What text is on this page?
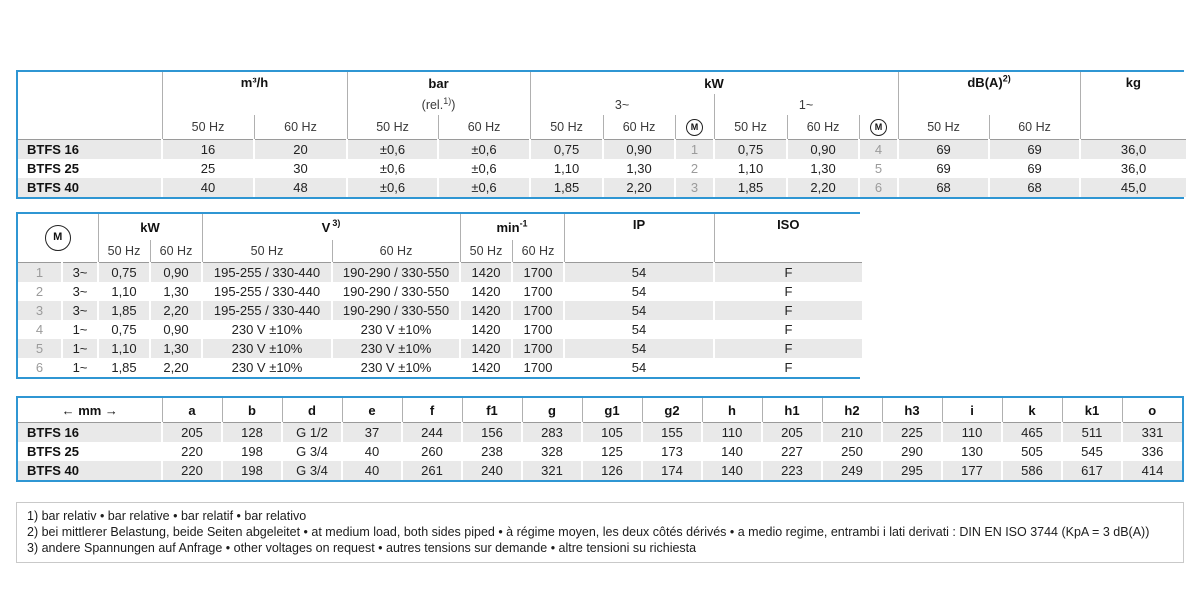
	m³/h		bar		kW						$dB(A)^{2)}$		kg
			(rel.$^{1)}$)		3~			1~					
	50 Hz	60 Hz	50 Hz	60 Hz	50 Hz	60 Hz	M	50 Hz	60 Hz	M	50 Hz	60 Hz	
BTFS 16	16	20	±0,6	±0,6	0,75	0,90	1	0,75	0,90	4	69	69	36,0
BTFS 25	25	30	±0,6	±0,6	1,10	1,30	2	1,10	1,30	5	69	69	36,0
BTFS 40	40	48	±0,6	±0,6	1,85	2,20	3	1,85	2,20	6	68	68	45,0
M		kW		V $^{3)}$		$\min^{-1}$		IP	ISO
		50 Hz	60 Hz	50 Hz	60 Hz	50 Hz	60 Hz		
1	3~	0,75	0,90	195-255 / 330-440	190-290 / 330-550	1420	1700	54	F
2	3~	1,10	1,30	195-255 / 330-440	190-290 / 330-550	1420	1700	54	F
3	3~	1,85	2,20	195-255 / 330-440	190-290 / 330-550	1420	1700	54	F
4	1~	0,75	0,90	230 V ±10%	230 V ±10%	1420	1700	54	F
5	1~	1,10	1,30	230 V ±10%	230 V ±10%	1420	1700	54	F
6	1~	1,85	2,20	230 V ±10%	230 V ±10%	1420	1700	54	F
← mm →	a	b	d	e	f	f1	g	g1	g2	h	h1	h2	h3	i	k	k1	o
BTFS 16	205	128	G 1/2	37	244	156	283	105	155	110	205	210	225	110	465	511	331
BTFS 25	220	198	G 3/4	40	260	238	328	125	173	140	227	250	290	130	505	545	336
BTFS 40	220	198	G 3/4	40	261	240	321	126	174	140	223	249	295	177	586	617	414
1) bar relativ • bar relative • bar relatif • bar relativo
2) bei mittlerer Belastung, beide Seiten abgeleitet • at medium load, both sides piped • à régime moyen, les deux côtés dérivés • a medio regime, entrambi i lati derivati : DIN EN ISO 3744 (KpA = 3 dB(A))
3) andere Spannungen auf Anfrage • other voltages on request • autres tensions sur demande • altre tensioni su richiesta
